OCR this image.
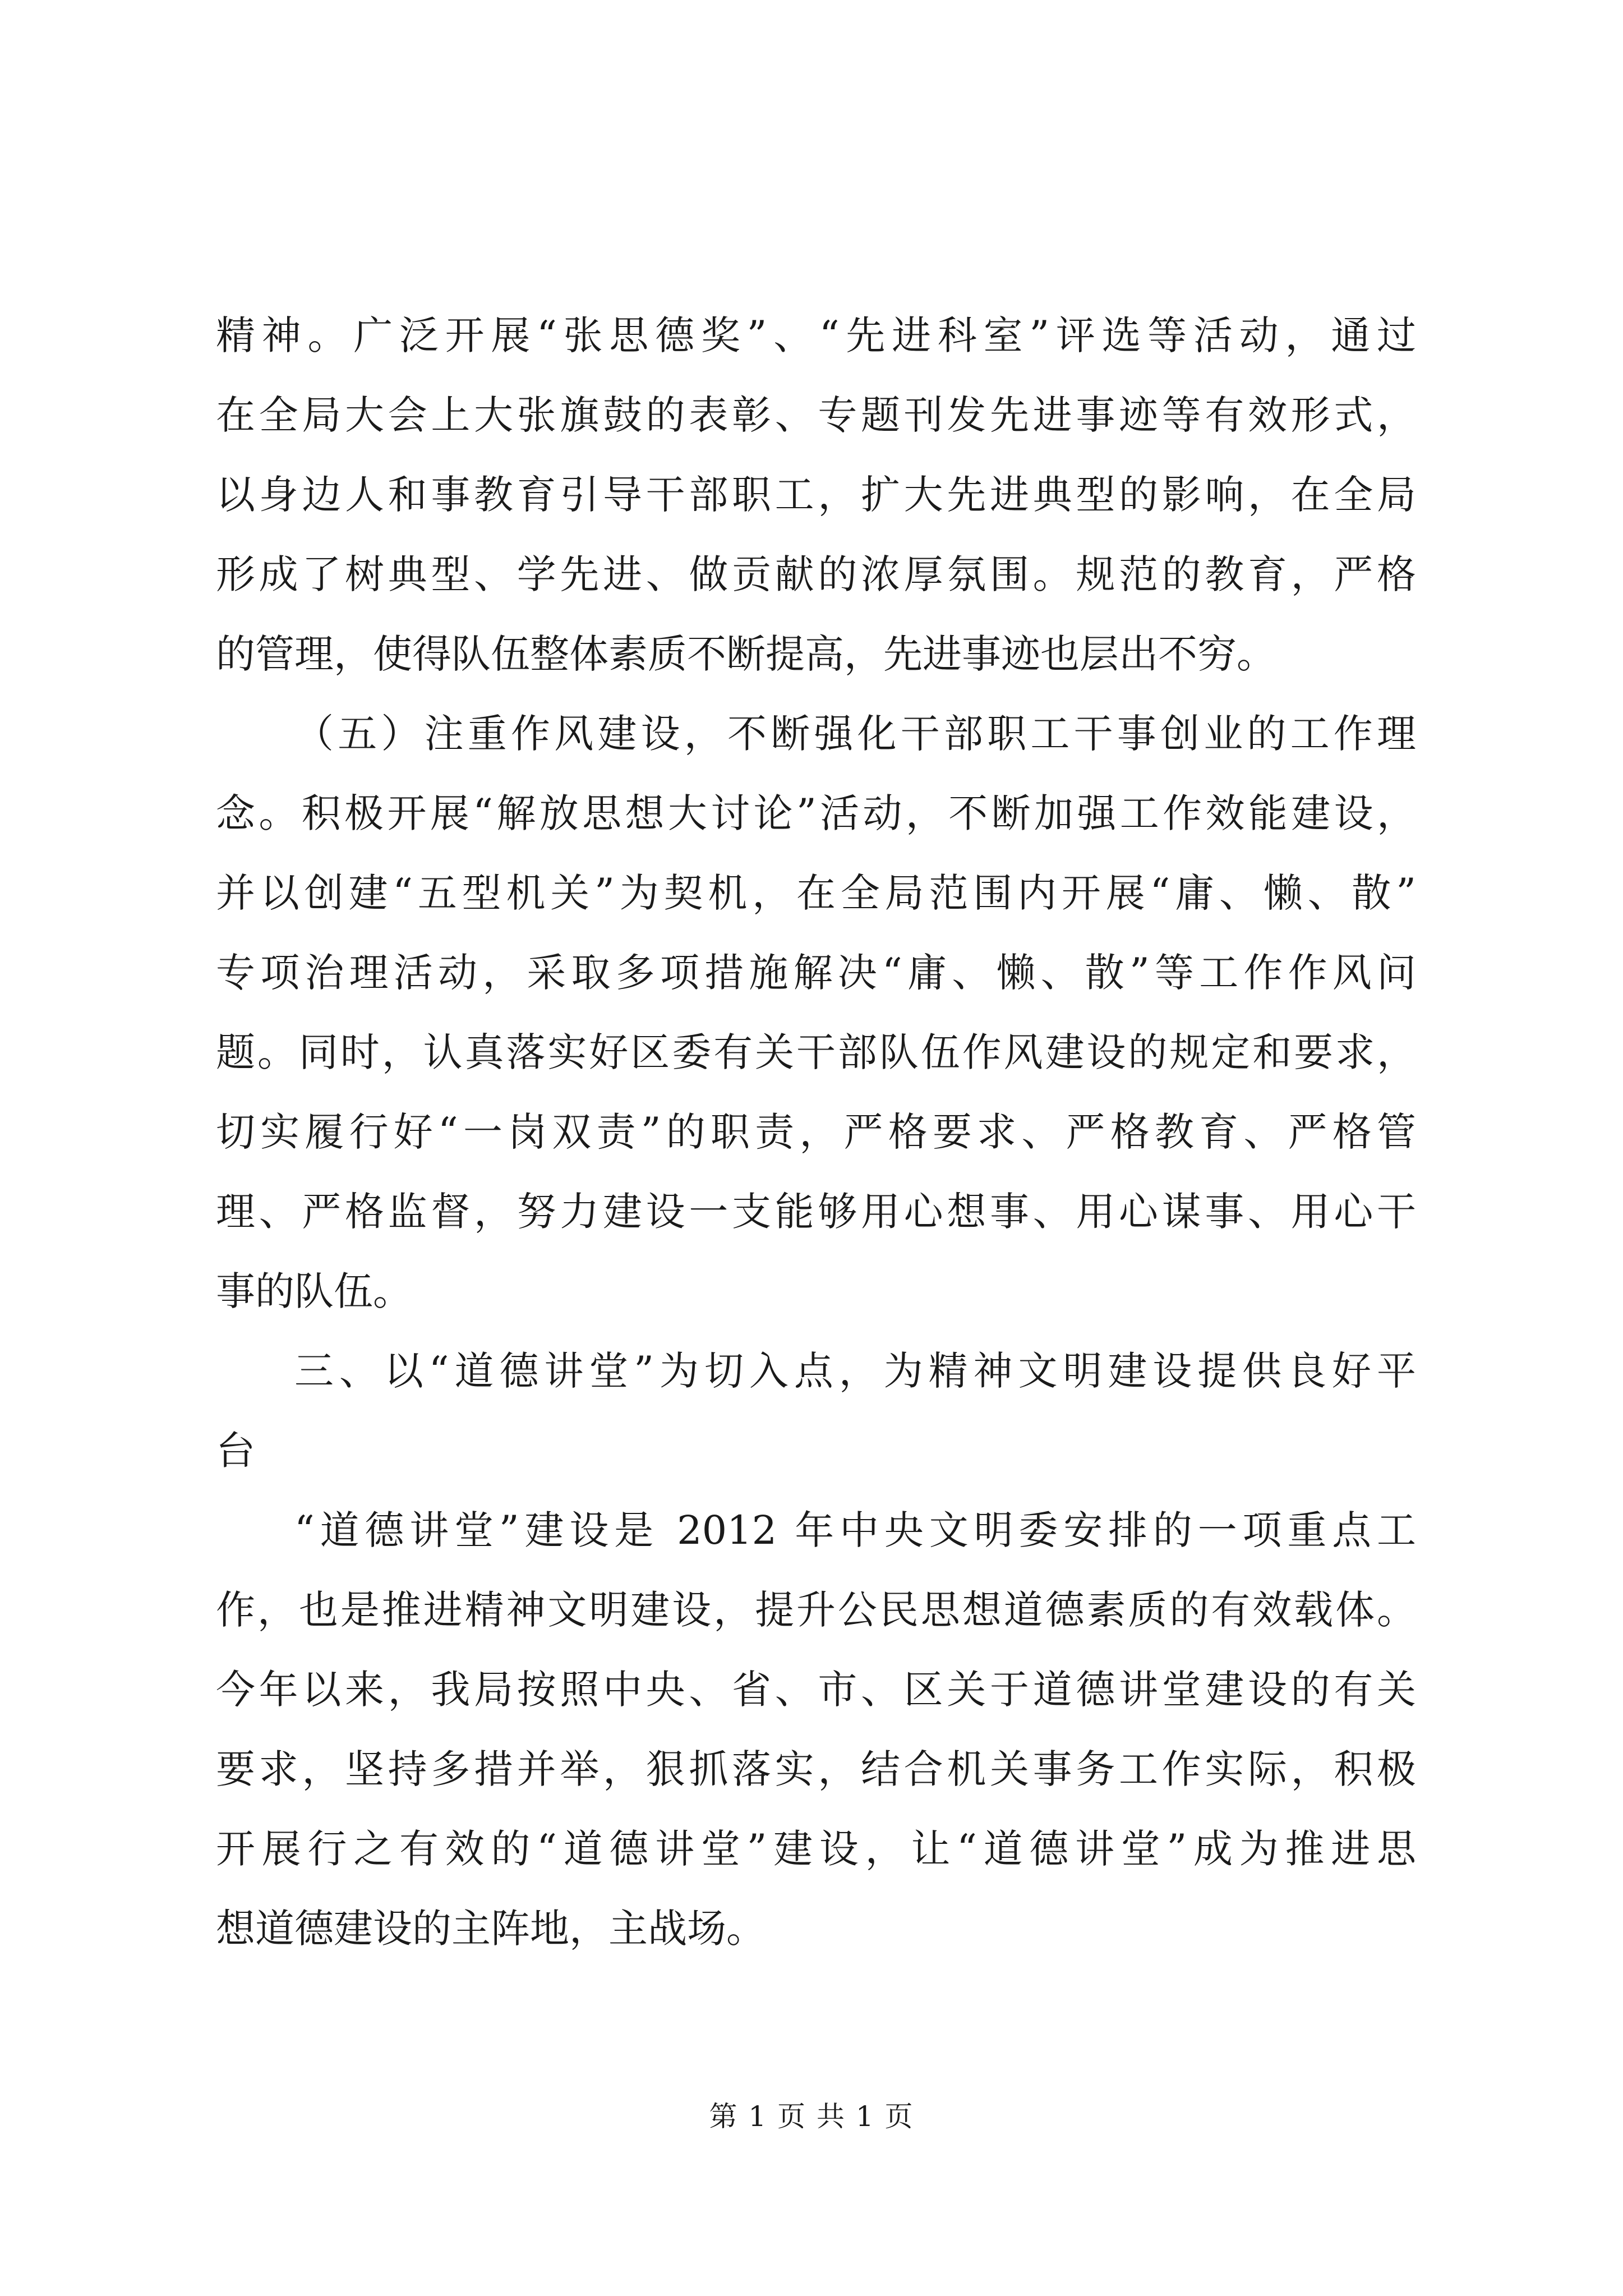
精神。广泛开展“张思德奖”、“先进科室”评选等活动，通过
在全局大会上大张旗鼓的表彰、专题刊发先进事迹等有效形式，
以身边人和事教育引导干部职工，扩大先进典型的影响，在全局
形成了树典型、学先进、做贡献的浓厚氛围。规范的教育，严格
的管理，使得队伍整体素质不断提高，先进事迹也层出不穷。
（五）注重作风建设，不断强化干部职工干事创业的工作理
念。积极开展“解放思想大讨论”活动，不断加强工作效能建设，
并以创建“五型机关”为契机，在全局范围内开展“庸、懒、散”
专项治理活动，采取多项措施解决“庸、懒、散”等工作作风问
题。同时，认真落实好区委有关干部队伍作风建设的规定和要求，
切实履行好“一岗双责”的职责，严格要求、严格教育、严格管
理、严格监督，努力建设一支能够用心想事、用心谋事、用心干
事的队伍。
三、以“道德讲堂”为切入点，为精神文明建设提供良好平
台
“道德讲堂”建设是 2012 年中央文明委安排的一项重点工
作，也是推进精神文明建设，提升公民思想道德素质的有效载体。
今年以来，我局按照中央、省、市、区关于道德讲堂建设的有关
要求，坚持多措并举，狠抓落实，结合机关事务工作实际，积极
开展行之有效的“道德讲堂”建设，让“道德讲堂”成为推进思
想道德建设的主阵地，主战场。
第 1 页 共 1 页
